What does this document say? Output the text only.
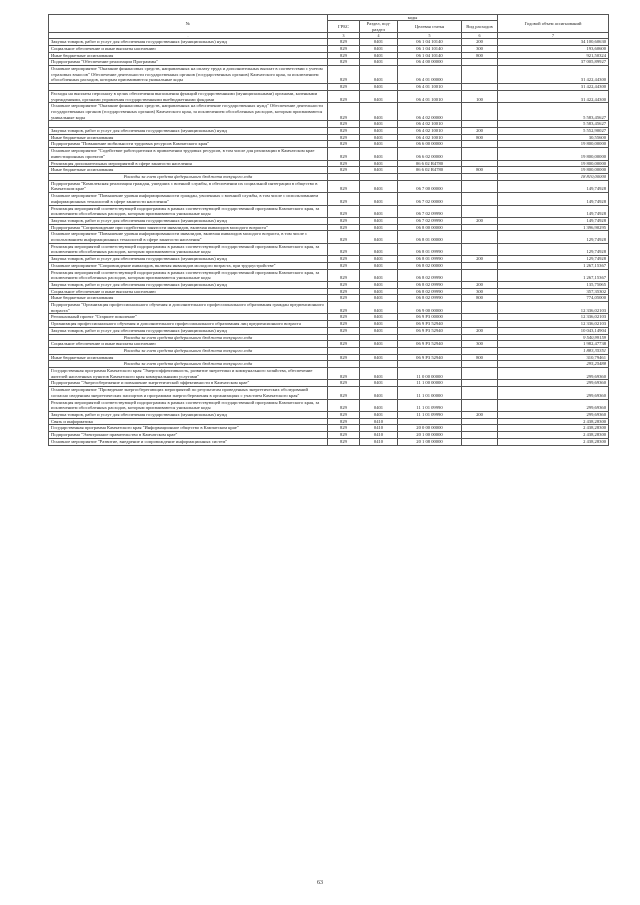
№	коды				Годовой объем ассигнований
	ГРБС	Раздел, под-раздел	Целевая статья	Вид расходов	
.	3	4	5	6	7
Закупка товаров, работ и услуг для обеспечения государственных (муниципальных) нужд	829	0401	06 1 04 10140	200	34 100,60630
Социальное обеспечение и иные выплаты населению	829	0401	06 1 04 10140	300	193,60600
Иные бюджетные ассигнования	829	0401	06 1 04 10140	800	921,50324
Подпрограмма "Обеспечение реализации Программы"	829	0401	06 4 00 00000		37 005,89927
Основное мероприятие "Оказание финансовых средств, направленных на оплату труда и дополнительных выплат в соответствии с учетом страховых взносов" Обеспечение деятельности государственных органов (государственных органов) Камчатского края, за исключением обособленных расходов, которым присваиваются уникальные коды	829	0401	06 4 01 00000		31 422,44300
	829	0401	06 4 01 10010		31 422,44300
Расходы на выплаты персоналу в целях обеспечения выполнения функций государственными (муниципальными) органами, казенными учреждениями, органами управления государственными внебюджетными фондами	829	0401	06 4 01 10010	100	31 422,44300
Основное мероприятие "Оказание финансовых средств, направленных на обеспечение государственных нужд" Обеспечение деятельности государственных органов (государственных органов) Камчатского края, за исключением обособленных расходов, которым присваиваются уникальные коды	829	0401	06 4 02 00000		5 583,45627
	829	0401	06 4 02 10010		5 583,45627
Закупка товаров, работ и услуг для обеспечения государственных (муниципальных) нужд	829	0401	06 4 02 10010	200	5 552,90027
Иные бюджетные ассигнования	829	0401	06 4 02 10010	800	30,55600
Подпрограмма "Повышение мобильности трудовых ресурсов Камчатского края"	829	0401	06 6 00 00000		19 800,00000
Основное мероприятие "Содействие работодателям в привлечении трудовых ресурсов, в том числе для реализации в Камчатском крае инвестиционных проектов"	829	0401	06 6 02 00000		19 800,00000
Реализация дополнительных мероприятий в сфере занятости населения	829	0401	06 6 02 R4780		19 800,00000
Иные бюджетные ассигнования	829	0401	06 6 02 R4780	800	19 800,00000
Расходы за счет средств федерального бюджета текущего года					18 810,00000
Подпрограмма "Комплексная реализация граждан, ушедших с военной службы, в обеспечении их социальной интеграции в общество в Камчатском крае"	829	0401	06 7 00 00000		149,74928
Основное мероприятие "Повышение уровня информированности граждан, уволенных с военной службы, в том числе с использованием информационных технологий в сфере занятости населения"	829	0401	06 7 02 00000		149,74928
Реализация мероприятий соответствующей подпрограммы в рамках соответствующей государственной программы Камчатского края, за исключением обособленных расходов, которым присваиваются уникальные коды	829	0401	06 7 02 09990		149,74928
Закупка товаров, работ и услуг для обеспечения государственных (муниципальных) нужд	829	0401	06 7 02 09990	200	149,74928
Подпрограмма "Сопровождение при содействии занятости инвалидов, включая инвалидов молодого возраста"	829	0401	06 8 00 00000		1 396,90295
Основное мероприятие "Повышение уровня информированности инвалидов, включая инвалидов молодого возраста, в том числе с использованием информационных технологий в сфере занятости населения"	829	0401	06 8 01 00000		129,74928
Реализация мероприятий соответствующей подпрограммы в рамках соответствующей государственной программы Камчатского края, за исключением обособленных расходов, которым присваиваются уникальные коды	829	0401	06 8 01 09990		129,74928
Закупка товаров, работ и услуг для обеспечения государственных (муниципальных) нужд	829	0401	06 8 01 09990	200	129,74928
Основное мероприятие "Сопровождение инвалидов, включая инвалидов молодого возраста, при трудоустройстве"	829	0401	06 8 02 00000		1 267,15367
Реализация мероприятий соответствующей подпрограммы в рамках соответствующей государственной программы Камчатского края, за исключением обособленных расходов, которым присваиваются уникальные коды	829	0401	06 8 02 09990		1 267,15367
Закупка товаров, работ и услуг для обеспечения государственных (муниципальных) нужд	829	0401	06 8 02 09990	200	135,75065
Социальное обеспечение и иные выплаты населению	829	0401	06 8 02 09990	300	357,35302
Иные бюджетные ассигнования	829	0401	06 8 02 09990	800	774,05000
Подпрограмма "Организация профессионального обучения и дополнительного профессионального образования граждан предпенсионного возраста"	829	0401	06 9 00 00000		12 336,02103
Региональный проект "Старшее поколение"	829	0401	06 9 P3 00000		12 336,02103
Организация профессионального обучения и дополнительного профессионального образования лиц предпенсионного возраста	829	0401	06 9 P3 52940		12 336,02103
Закупка товаров, работ и услуг для обеспечения государственных (муниципальных) нужд	829	0401	06 9 P3 52940	200	10 043,14904
Расходы за счет средств федерального бюджета текущего года					9 540,99159
Социальное обеспечение и иные выплаты населению	829	0401	06 9 P3 52940	300	1 982,47738
Расходы за счет средств федерального бюджета текущего года					1 883,35351
Иные бюджетные ассигнования	829	0401	06 9 P3 52940	800	310,79461
Расходы за счет средств федерального бюджета текущего года					295,25488
Государственная программа Камчатского края "Энергоэффективность, развитие энергетики и коммунального хозяйства, обеспечение жителей населенных пунктов Камчатского края коммунальными услугами"	829	0401	11 0 00 00000		299,69360
Подпрограмма "Энергосбережение и повышение энергетической эффективности в Камчатском крае"	829	0401	11 1 00 00000		299,69360
Основное мероприятие "Проведение энергосберегающих мероприятий по результатам проведенных энергетических обследований согласно сведениям энергетических паспортов и программам энергосбережения в организациях с участием Камчатского края"	829	0401	11 1 01 00000		299,69360
Реализация мероприятий соответствующей подпрограммы в рамках соответствующей государственной программы Камчатского края, за исключением обособленных расходов, которым присваиваются уникальные коды	829	0401	11 1 01 09990		299,69360
Закупка товаров, работ и услуг для обеспечения государственных (муниципальных) нужд	829	0401	11 1 01 09990	200	299,69360
Связь и информатика	829	0410			2 438,28300
Государственная программа Камчатского края "Информационное общество в Камчатском крае"	829	0410	20 0 00 00000		2 438,28300
Подпрограмма "Электронное правительство в Камчатском крае"	829	0410	20 1 00 00000		2 438,28300
Основное мероприятие "Развитие, внедрение и сопровождение информационных систем"	829	0410	20 1 08 00000		2 438,28300
63
